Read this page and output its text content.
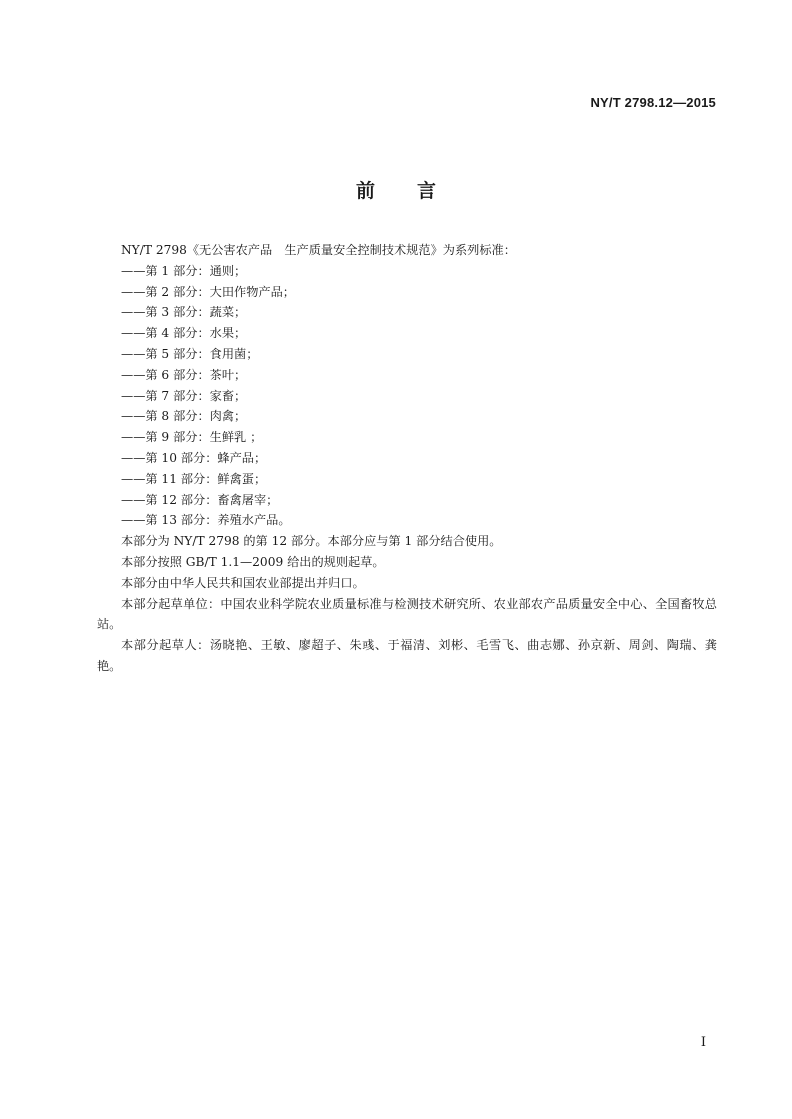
NY/T 2798.12—2015
前言

NY/T 2798《无公害农产品　生产质量安全控制技术规范》为系列标准：

——第 1 部分：通则；

——第 2 部分：大田作物产品；

——第 3 部分：蔬菜；

——第 4 部分：水果；

——第 5 部分：食用菌；

——第 6 部分：茶叶；

——第 7 部分：家畜；

——第 8 部分：肉禽；

——第 9 部分：生鲜乳 ；

——第 10 部分：蜂产品；

——第 11 部分：鲜禽蛋；

——第 12 部分：畜禽屠宰；

——第 13 部分：养殖水产品。

本部分为 NY/T 2798 的第 12 部分。本部分应与第 1 部分结合使用。

本部分按照 GB/T 1.1—2009 给出的规则起草。

本部分由中华人民共和国农业部提出并归口。

本部分起草单位：中国农业科学院农业质量标准与检测技术研究所、农业部农产品质量安全中心、全国畜牧总站。

本部分起草人：汤晓艳、王敏、廖超子、朱彧、于福清、刘彬、毛雪飞、曲志娜、孙京新、周剑、陶瑞、龚艳。

I
